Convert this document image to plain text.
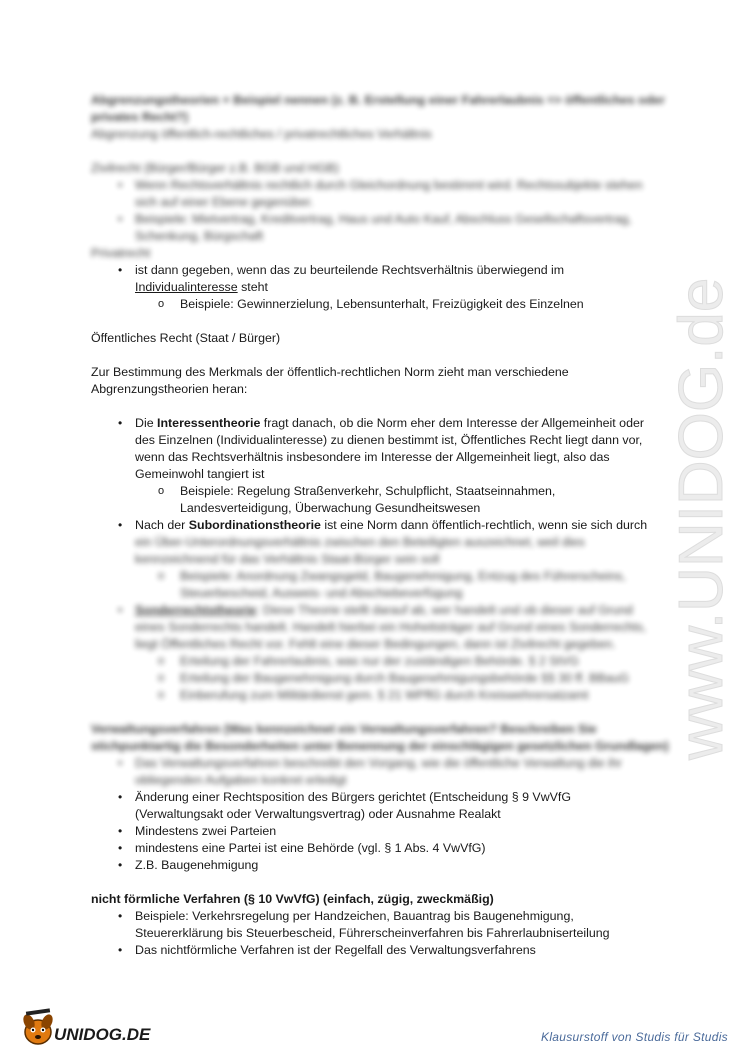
Abgrenzungstheorien + Beispiel nennen (z. B. Erstellung einer Fahrerlaubnis => öffentliches oder
privates Recht?)
Abgrenzung öffentlich-rechtliches / privatrechtliches Verhältnis
Zivilrecht (Bürger/Bürger z.B. BGB und HGB)
• Wenn Rechtsverhältnis rechtlich durch Gleichordnung bestimmt wird. Rechtssubjekte stehen
sich auf einer Ebene gegenüber.
• Beispiele: Mietvertrag, Kreditvertrag, Haus und Auto Kauf, Abschluss Gesellschaftsvertrag,
Schenkung, Bürgschaft
Privatrecht
• ist dann gegeben, wenn das zu beurteilende Rechtsverhältnis überwiegend im
Individualinteresse steht
o Beispiele: Gewinnerzielung, Lebensunterhalt, Freizügigkeit des Einzelnen
Öffentliches Recht (Staat / Bürger)
Zur Bestimmung des Merkmals der öffentlich-rechtlichen Norm zieht man verschiedene
Abgrenzungstheorien heran:
• Die Interessentheorie fragt danach, ob die Norm eher dem Interesse der Allgemeinheit oder
des Einzelnen (Individualinteresse) zu dienen bestimmt ist, Öffentliches Recht liegt dann vor,
wenn das Rechtsverhältnis insbesondere im Interesse der Allgemeinheit liegt, also das
Gemeinwohl tangiert ist
o Beispiele: Regelung Straßenverkehr, Schulpflicht, Staatseinnahmen,
Landesverteidigung, Überwachung Gesundheitswesen
• Nach der Subordinationstheorie ist eine Norm dann öffentlich-rechtlich, wenn sie sich durch
ein Über-Unterordnungsverhältnis zwischen den Beteiligten auszeichnet, weil dies
kennzeichnend für das Verhältnis Staat-Bürger sein soll
o Beispiele: Anordnung Zwangsgeld, Baugenehmigung, Entzug des Führerscheins,
Steuerbescheid, Ausweis- und Abschiebeverfügung
• Sonderrechtstheorie: Diese Theorie stellt darauf ab, wer handelt und ob dieser auf Grund
eines Sonderrechts handelt. Handelt hierbei ein Hoheitsträger auf Grund eines Sonderrechts,
liegt Öffentliches Recht vor. Fehlt eine dieser Bedingungen, dann ist Zivilrecht gegeben.
o Erteilung der Fahrerlaubnis, was nur der zuständigen Behörde. § 2 StVG
o Erteilung der Baugenehmigung durch Baugenehmigungsbehörde §§ 30 ff. BBauG
o Einberufung zum Militärdienst gem. § 21 WPflG durch Kreiswehrersatzamt
Verwaltungsverfahren (Was kennzeichnet ein Verwaltungsverfahren? Beschreiben Sie
stichpunktartig die Besonderheiten unter Benennung der einschlägigen gesetzlichen Grundlagen)
• Das Verwaltungsverfahren beschreibt den Vorgang, wie die öffentliche Verwaltung die ihr
obliegenden Aufgaben konkret erledigt
• Änderung einer Rechtsposition des Bürgers gerichtet (Entscheidung § 9 VwVfG
(Verwaltungsakt oder Verwaltungsvertrag) oder Ausnahme Realakt
• Mindestens zwei Parteien
• mindestens eine Partei ist eine Behörde (vgl. § 1 Abs. 4 VwVfG)
• Z.B. Baugenehmigung
nicht förmliche Verfahren (§ 10 VwVfG) (einfach, zügig, zweckmäßig)
• Beispiele: Verkehrsregelung per Handzeichen, Bauantrag bis Baugenehmigung,
Steuererklärung bis Steuerbescheid, Führerscheinverfahren bis Fahrerlaubniserteilung
• Das nichtförmliche Verfahren ist der Regelfall des Verwaltungsverfahrens
www.UNIDOG.de
UNIDOG.DE	Klausurstoff von Studis für Studis
